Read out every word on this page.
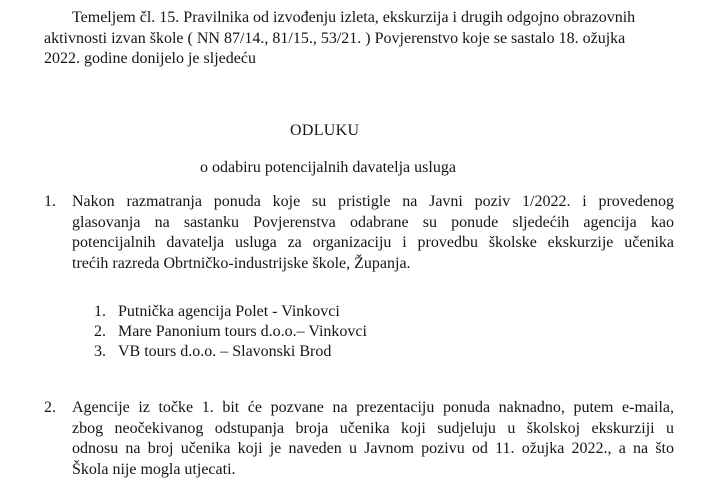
Temeljem čl. 15. Pravilnika od izvođenju izleta, ekskurzija i drugih odgojno obrazovnih
aktivnosti izvan škole ( NN 87/14., 81/15., 53/21. ) Povjerenstvo koje se sastalo 18. ožujka
2022. godine donijelo je sljedeću
ODLUKU
o odabiru potencijalnih davatelja usluga
1. Nakon razmatranja ponuda koje su pristigle na Javni poziv 1/2022. i provedenog
glasovanja na sastanku Povjerenstva odabrane su ponude sljedećih agencija kao
potencijalnih davatelja usluga za organizaciju i provedbu školske ekskurzije učenika
trećih razreda Obrtničko-industrijske škole, Županja.
1. Putnička agencija Polet - Vinkovci
2. Mare Panonium tours d.o.o.– Vinkovci
3. VB tours d.o.o. – Slavonski Brod
2. Agencije iz točke 1. bit će pozvane na prezentaciju ponuda naknadno, putem e-maila,
zbog neočekivanog odstupanja broja učenika koji sudjeluju u školskoj ekskurziji u
odnosu na broj učenika koji je naveden u Javnom pozivu od 11. ožujka 2022., a na što
Škola nije mogla utjecati.
